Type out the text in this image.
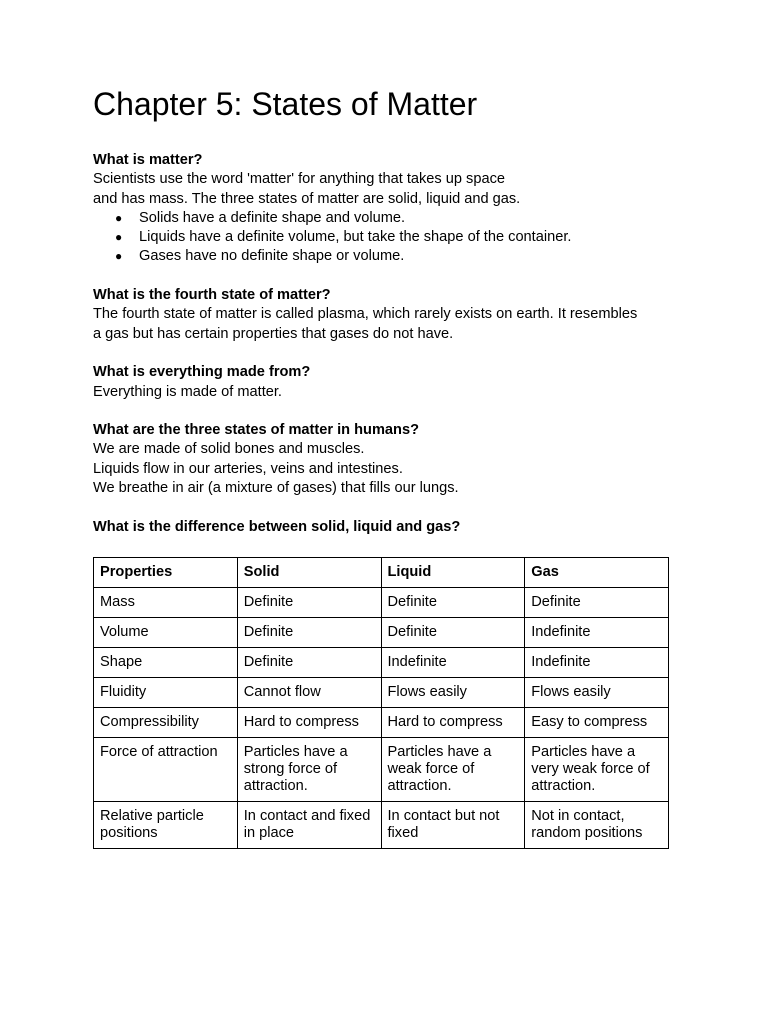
Chapter 5: States of Matter

What is matter?

Scientists use the word 'matter' for anything that takes up space

and has mass. The three states of matter are solid, liquid and gas.

● Solids have a definite shape and volume.
● Liquids have a definite volume, but take the shape of the container.
● Gases have no definite shape or volume.

What is the fourth state of matter?

The fourth state of matter is called plasma, which rarely exists on earth. It resembles

a gas but has certain properties that gases do not have.

What is everything made from?

Everything is made of matter.

What are the three states of matter in humans?

We are made of solid bones and muscles.

Liquids flow in our arteries, veins and intestines.

We breathe in air (a mixture of gases) that fills our lungs.

What is the difference between solid, liquid and gas?

Properties	Solid	Liquid	Gas
Mass	Definite	Definite	Definite
Volume	Definite	Definite	Indefinite
Shape	Definite	Indefinite	Indefinite
Fluidity	Cannot flow	Flows easily	Flows easily
Compressibility	Hard to compress	Hard to compress	Easy to compress
Force of attraction	Particles have a strong force of attraction.	Particles have a weak force of attraction.	Particles have a very weak force of attraction.
Relative particle positions	In contact and fixed in place	In contact but not fixed	Not in contact, random positions
